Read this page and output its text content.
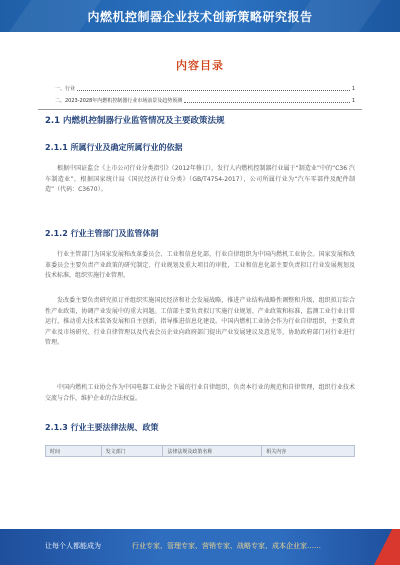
内燃机控制器企业技术创新策略研究报告
内容目录
一、行业	1
二、2023-2028年内燃机控制器行业市场前景及趋势预测	1
2.1 内燃机控制器行业监管情况及主要政策法规
2.1.1 所属行业及确定所属行业的依据
根据中国证监会《上市公司行业分类指引》（2012年修订），发行人内燃机控制器行业属于“制造业”中的“C36 汽车制造业”，根据国家统计局《国民经济行业分类》（GB/T4754-2017），公司所属行业为“汽车零部件及配件制造”（代码：C3670）。
2.1.2 行业主管部门及监管体制
行业主管部门为国家发展和改革委员会、工业和信息化部，行业自律组织为中国内燃机工业协会。国家发展和改革委员会主要负责产业政策的研究制定、行业规划及重大项目的审批，工业和信息化部主要负责拟订行业发展规划及技术标准，组织实施行业管理。
发改委主要负责研究拟订并组织实施国民经济和社会发展战略，推进产业结构战略性调整和升级，组织拟订综合性产业政策，协调产业发展中的重大问题。工信部主要负责拟订实施行业规划、产业政策和标准，监测工业行业日常运行，推动重大技术装备发展和自主创新，指导推进信息化建设。中国内燃机工业协会作为行业自律组织，主要负责产业及市场研究、行业自律管理以及代表会员企业向政府部门提出产业发展建议及意见等，协助政府部门对行业进行管理。
中国内燃机工业协会作为中国电器工业协会下属的行业自律组织，负责本行业的规范和自律管理，组织行业技术交流与合作，维护企业的合法权益。
2.1.3 行业主要法律法规、政策
时间	发文部门	法律法规及政策名称	相关内容
让每个人都能成为	行业专家、管理专家、营销专家、战略专家、成本企业家……
